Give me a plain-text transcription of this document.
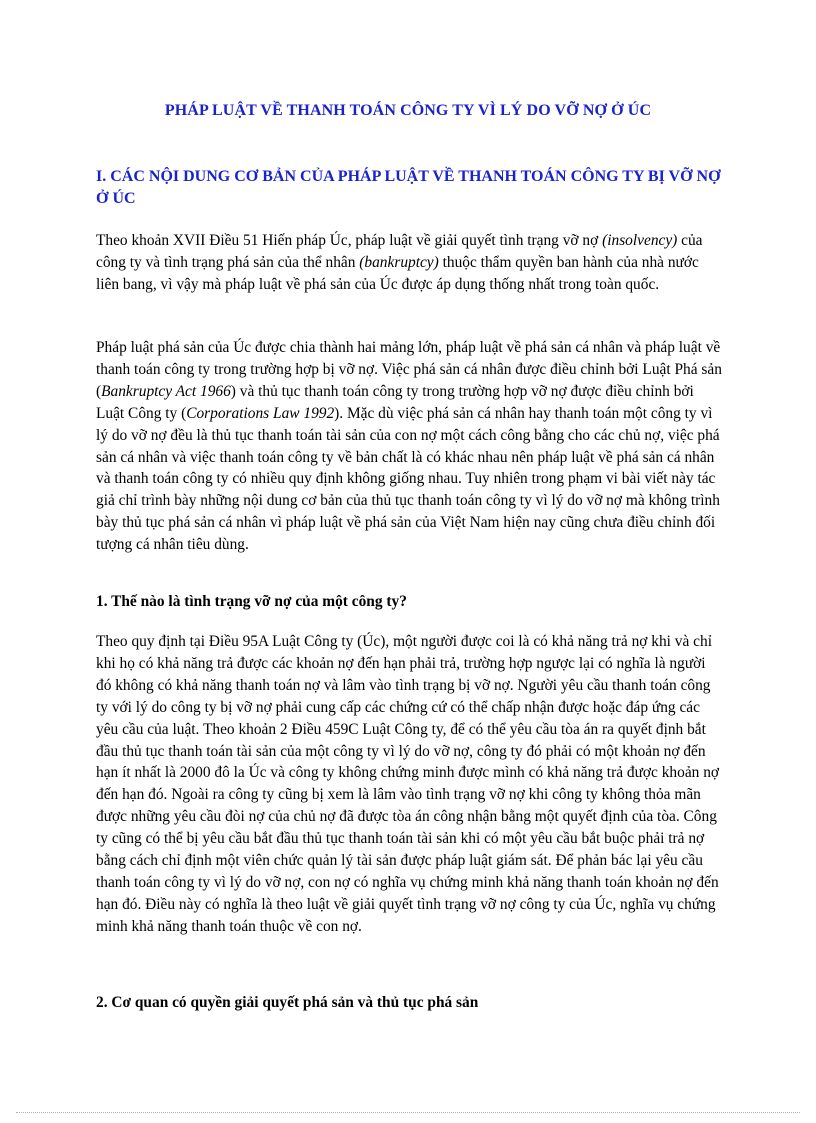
PHÁP LUẬT VỀ THANH TOÁN CÔNG TY VÌ LÝ DO VỠ NỢ Ở ÚC
I. CÁC NỘI DUNG CƠ BẢN CỦA PHÁP LUẬT VỀ THANH TOÁN CÔNG TY BỊ VỠ NỢ Ở ÚC

Theo khoản XVII Điều 51 Hiến pháp Úc, pháp luật về giải quyết tình trạng vỡ nợ (insolvency) của công ty và tình trạng phá sản của thể nhân (bankruptcy) thuộc thẩm quyền ban hành của nhà nước liên bang, vì vậy mà pháp luật về phá sản của Úc được áp dụng thống nhất trong toàn quốc.

Pháp luật phá sản của Úc được chia thành hai mảng lớn, pháp luật về phá sản cá nhân và pháp luật về thanh toán công ty trong trường hợp bị vỡ nợ. Việc phá sản cá nhân được điều chỉnh bởi Luật Phá sản (Bankruptcy Act 1966) và thủ tục thanh toán công ty trong trường hợp vỡ nợ được điều chỉnh bởi Luật Công ty (Corporations Law 1992). Mặc dù việc phá sản cá nhân hay thanh toán một công ty vì lý do vỡ nợ đều là thủ tục thanh toán tài sản của con nợ một cách công bằng cho các chủ nợ, việc phá sản cá nhân và việc thanh toán công ty về bản chất là có khác nhau nên pháp luật về phá sản cá nhân và thanh toán công ty có nhiều quy định không giống nhau. Tuy nhiên trong phạm vi bài viết này tác giả chỉ trình bày những nội dung cơ bản của thủ tục thanh toán công ty vì lý do vỡ nợ mà không trình bày thủ tục phá sản cá nhân vì pháp luật về phá sản của Việt Nam hiện nay cũng chưa điều chỉnh đối tượng cá nhân tiêu dùng.

1. Thế nào là tình trạng vỡ nợ của một công ty?

Theo quy định tại Điều 95A Luật Công ty (Úc), một người được coi là có khả năng trả nợ khi và chỉ khi họ có khả năng trả được các khoản nợ đến hạn phải trả, trường hợp ngược lại có nghĩa là người đó không có khả năng thanh toán nợ và lâm vào tình trạng bị vỡ nợ. Người yêu cầu thanh toán công ty với lý do công ty bị vỡ nợ phải cung cấp các chứng cứ có thể chấp nhận được hoặc đáp ứng các yêu cầu của luật. Theo khoản 2 Điều 459C Luật Công ty, để có thể yêu cầu tòa án ra quyết định bắt đầu thủ tục thanh toán tài sản của một công ty vì lý do vỡ nợ, công ty đó phải có một khoản nợ đến hạn ít nhất là 2000 đô la Úc và công ty không chứng minh được mình có khả năng trả được khoản nợ đến hạn đó. Ngoài ra công ty cũng bị xem là lâm vào tình trạng vỡ nợ khi công ty không thỏa mãn được những yêu cầu đòi nợ của chủ nợ đã được tòa án công nhận bằng một quyết định của tòa. Công ty cũng có thể bị yêu cầu bắt đầu thủ tục thanh toán tài sản khi có một yêu cầu bắt buộc phải trả nợ bằng cách chỉ định một viên chức quản lý tài sản được pháp luật giám sát. Để phản bác lại yêu cầu thanh toán công ty vì lý do vỡ nợ, con nợ có nghĩa vụ chứng minh khả năng thanh toán khoản nợ đến hạn đó. Điều này có nghĩa là theo luật về giải quyết tình trạng vỡ nợ công ty của Úc, nghĩa vụ chứng minh khả năng thanh toán thuộc về con nợ.

2. Cơ quan có quyền giải quyết phá sản và thủ tục phá sản
